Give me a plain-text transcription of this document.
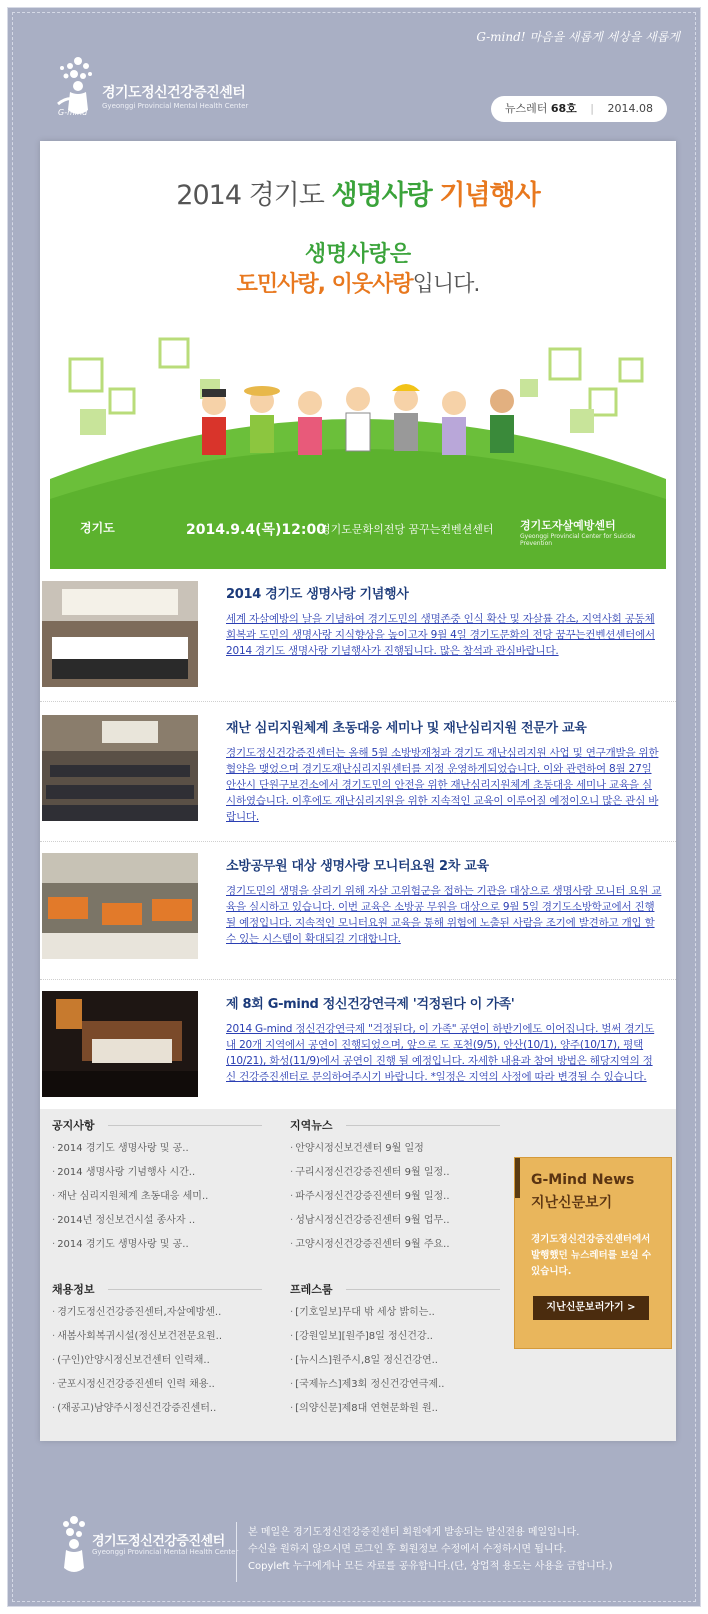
G-mind! 마음을 새롭게 세상을 새롭게
경기도정신건강증진센터
Gyeonggi Provincial Mental Health Center
G-mind	뉴스레터 68호 | 2014.08
2014 경기도 생명사랑 기념행사
생명사랑은
도민사랑, 이웃사랑입니다.
경기도	2014.9.4(목)12:00
경기도문화의전당 꿈꾸는컨벤션센터 경기도자살예방센터
Gyeonggi Provincial Center for Suicide Prevention
2014 경기도 생명사랑 기념행사
세계 자살예방의 날을 기념하여 경기도민의 생명존중 인식 확산 및 자살률 감소, 지역사회 공동체 회복과 도민의 생명사랑 지식향상을 높이고자 9월 4일 경기도문화의 전당 꿈꾸는컨벤션센터에서 2014 경기도 생명사랑 기념행사가 진행됩니다. 많은 참석과 관심바랍니다.
재난 심리지원체계 초동대응 세미나 및 재난심리지원 전문가 교육
경기도정신건강증진센터는 올해 5월 소방방재청과 경기도 재난심리지원 사업 및 연구개발을 위한 협약을 맺었으며 경기도재난심리지원센터를 지정 운영하게되었습니다. 이와 관련하여 8월 27일 안산시 단원구보건소에서 경기도민의 안전을 위한 재난심리지원체계 초동대응 세미나 교육을 실 시하였습니다. 이후에도 재난심리지원을 위한 지속적인 교육이 이루어질 예정이오니 많은 관심 바랍니다.
소방공무원 대상 생명사랑 모니터요원 2차 교육
경기도민의 생명을 살리기 위해 자살 고위험군을 접하는 기관을 대상으로 생명사랑 모니터 요원 교육을 실시하고 있습니다. 이번 교육은 소방공 무원을 대상으로 9월 5일 경기도소방학교에서 진행될 예정입니다. 지속적인 모니터요원 교육을 통해 위험에 노출된 사람을 조기에 발견하고 개입 할 수 있는 시스템이 확대되길 기대합니다.
제 8회 G-mind 정신건강연극제 '걱정된다 이 가족'
2014 G-mind 정신건강연극제 "걱정된다, 이 가족" 공연이 하반기에도 이어집니다. 벌써 경기도 내 20개 지역에서 공연이 진행되었으며, 앞으로 도 포천(9/5), 안산(10/1), 양주(10/17), 평택(10/21), 화성(11/9)에서 공연이 진행 될 예정입니다. 자세한 내용과 참여 방법은 해당지역의 정신 건강증진센터로 문의하여주시기 바랍니다. *일정은 지역의 사정에 따라 변경될 수 있습니다.
공지사항
· 2014 경기도 생명사랑 및 공..
· 2014 생명사랑 기념행사 시간..
· 재난 심리지원체계 초동대응 세미..
· 2014년 정신보건시설 종사자 ..
· 2014 경기도 생명사랑 및 공..
지역뉴스
· 안양시정신보건센터 9월 일정
· 구리시정신건강증진센터 9월 일정..
· 파주시정신건강증진센터 9월 일정..
· 성남시정신건강증진센터 9월 업무..
· 고양시정신건강증진센터 9월 주요..
채용정보
· 경기도정신건강증진센터,자살예방센..
· 새봄사회복귀시설(정신보건전문요원..
· (구인)안양시정신보건센터 인력채..
· 군포시정신건강증진센터 인력 채용..
· (재공고)남양주시정신건강증진센터..
프레스룸
· [기호일보]무대 밖 세상 밝히는..
· [강원일보][원주]8일 정신건강..
· [뉴시스]원주시,8일 정신건강연..
· [국제뉴스]제3회 정신건강연극제..
· [의양신문]제8대 연현문화원 원..
G-Mind News
지난신문보기
경기도정신건강증진센터에서 발행했던 뉴스레터를 보실 수 있습니다.
지난신문보러가기 >
경기도정신건강증진센터
Gyeonggi Provincial Mental Health Center
본 메일은 경기도정신건강증진센터 회원에게 발송되는 발신전용 메일입니다.
수신을 원하지 않으시면 로그인 후 회원정보 수정에서 수정하시면 됩니다.
Copyleft 누구에게나 모든 자료를 공유합니다.(단, 상업적 용도는 사용을 금합니다.)
